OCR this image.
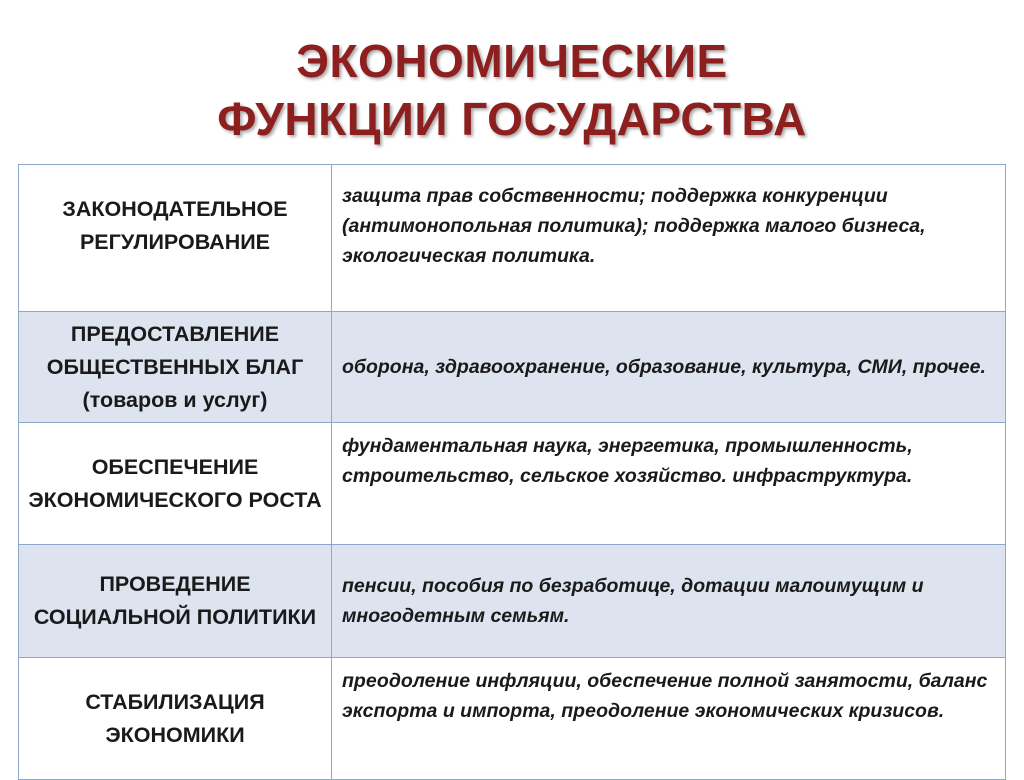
ЭКОНОМИЧЕСКИЕ
ФУНКЦИИ ГОСУДАРСТВА
ЗАКОНОДАТЕЛЬНОЕ РЕГУЛИРОВАНИЕ	защита прав собственности; поддержка конкуренции (антимонопольная политика); поддержка малого бизнеса, экологическая политика.
ПРЕДОСТАВЛЕНИЕ ОБЩЕСТВЕННЫХ БЛАГ (товаров и услуг)	оборона, здравоохранение, образование, культура, СМИ, прочее.
ОБЕСПЕЧЕНИЕ ЭКОНОМИЧЕСКОГО РОСТА	фундаментальная наука, энергетика, промышленность, строительство, сельское хозяйство. инфраструктура.
ПРОВЕДЕНИЕ СОЦИАЛЬНОЙ ПОЛИТИКИ	пенсии, пособия по безработице, дотации малоимущим и многодетным семьям.
СТАБИЛИЗАЦИЯ ЭКОНОМИКИ	преодоление инфляции, обеспечение полной занятости, баланс экспорта и импорта, преодоление экономических кризисов.
